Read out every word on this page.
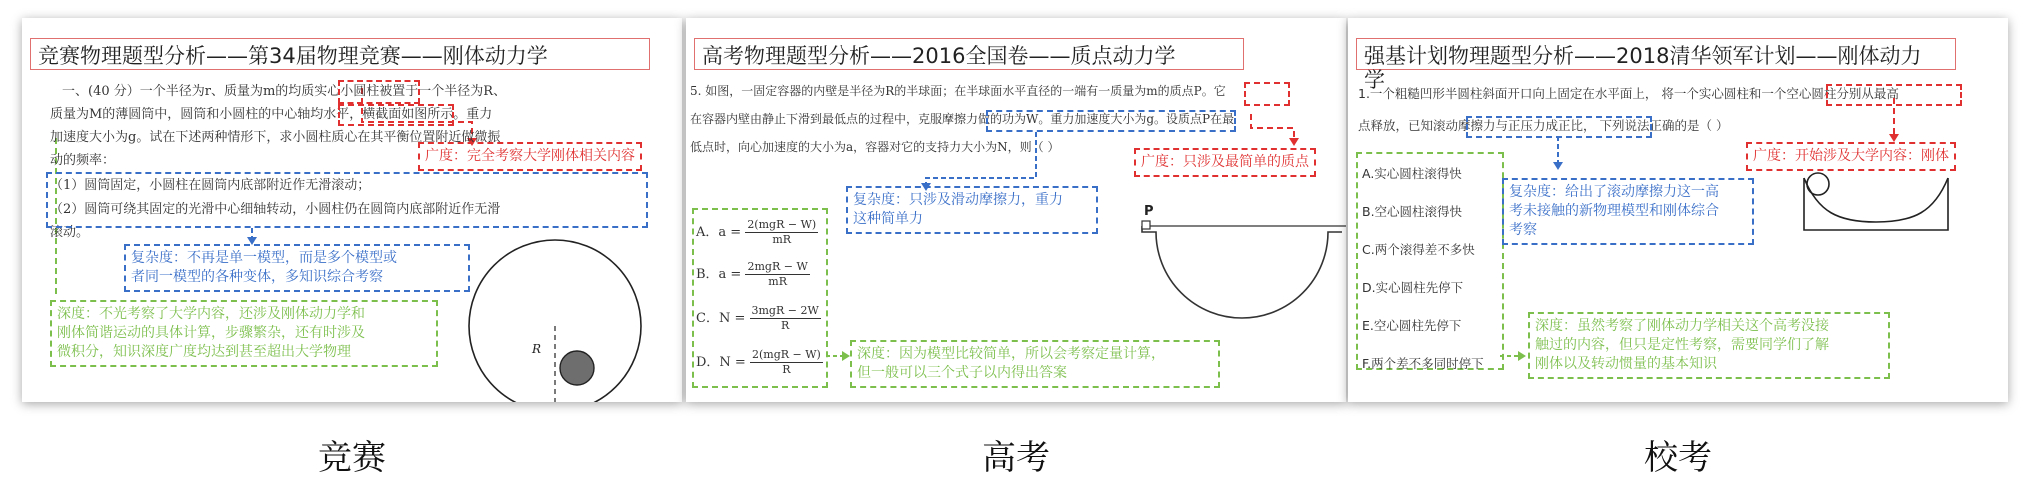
竞赛物理题型分析——第34届物理竞赛——刚体动力学
一、(40 分）一个半径为r、质量为m的均质实心小圆柱被置于一个半径为R、
质量为M的薄圆筒中，圆筒和小圆柱的中心轴均水平，横截面如图所示。重力
加速度大小为g。试在下述两种情形下，求小圆柱质心在其平衡位置附近做微振
动的频率：
（1）圆筒固定，小圆柱在圆筒内底部附近作无滑滚动；
（2）圆筒可绕其固定的光滑中心细轴转动，小圆柱仍在圆筒内底部附近作无滑
滚动。
广度：完全考察大学刚体相关内容
复杂度：不再是单一模型，而是多个模型或
者同一模型的各种变体，多知识综合考察
深度：不光考察了大学内容，还涉及刚体动力学和
刚体简谐运动的具体计算，步骤繁杂，还有时涉及
微积分，知识深度广度均达到甚至超出大学物理	R
高考物理题型分析——2016全国卷——质点动力学
5. 如图，一固定容器的内壁是半径为R的半球面；在半球面水平直径的一端有一质量为m的质点P。它
在容器内壁由静止下滑到最低点的过程中，克服摩擦力做的功为W。重力加速度大小为g。设质点P在最
低点时，向心加速度的大小为a，容器对它的支持力大小为N，则（ ）
广度：只涉及最简单的质点
复杂度：只涉及滑动摩擦力，重力
这种简单力
深度：因为模型比较简单，所以会考察定量计算，
但一般可以三个式子以内得出答案
A．$a = \frac{\text{2(mgR − W)}}{mR}$
B．$a = \frac{\text{2mgR − W}}{mR}$
C．$N = \frac{\text{3mgR − 2W}}{R}$
D．$N = \frac{\text{2(mgR − W)}}{R}$
P
强基计划物理题型分析——2018清华领军计划——刚体动力
学
1.一个粗糙凹形半圆柱斜面开口向上固定在水平面上， 将一个实心圆柱和一个空心圆柱分别从最高
点释放，已知滚动摩擦力与正压力成正比， 下列说法正确的是（ ）
A.实心圆柱滚得快
B.空心圆柱滚得快
C.两个滚得差不多快
D.实心圆柱先停下
E.空心圆柱先停下
F.两个差不多同时停下
广度：开始涉及大学内容：刚体
复杂度：给出了滚动摩擦力这一高
考未接触的新物理模型和刚体综合
考察
深度：虽然考察了刚体动力学相关这个高考没接
触过的内容，但只是定性考察，需要同学们了解
刚体以及转动惯量的基本知识
竞赛	高考	校考
